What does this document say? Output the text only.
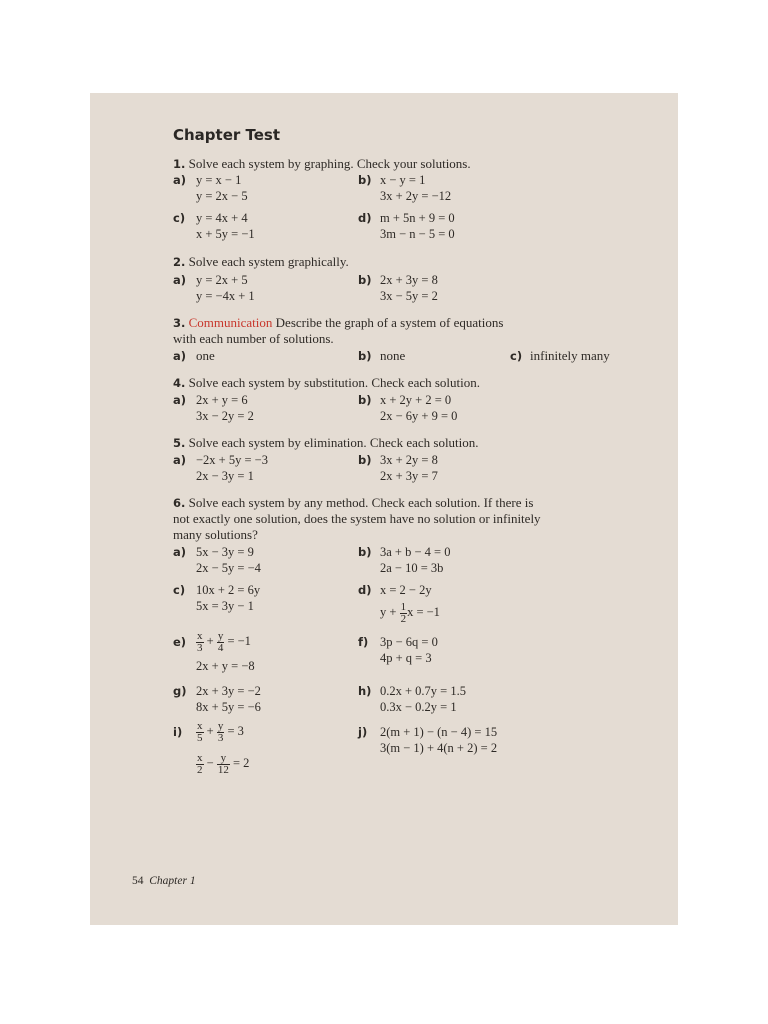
Chapter Test
1. Solve each system by graphing. Check your solutions.
a) y = x − 1
y = 2x − 5
b) x − y = 1
3x + 2y = −12
c) y = 4x + 4
x + 5y = −1
d) m + 5n + 9 = 0
3m − n − 5 = 0
2. Solve each system graphically.
a) y = 2x + 5
y = −4x + 1
b) 2x + 3y = 8
3x − 5y = 2
3. Communication Describe the graph of a system of equations
with each number of solutions.
a) one	b) none	c) infinitely many
4. Solve each system by substitution. Check each solution.
a) 2x + y = 6
3x − 2y = 2
b) x + 2y + 2 = 0
2x − 6y + 9 = 0
5. Solve each system by elimination. Check each solution.
a) −2x + 5y = −3
2x − 3y = 1
b) 3x + 2y = 8
2x + 3y = 7
6. Solve each system by any method. Check each solution. If there is
not exactly one solution, does the system have no solution or infinitely
many solutions?
a) 5x − 3y = 9
2x − 5y = −4
b) 3a + b − 4 = 0
2a − 10 = 3b
c) 10x + 2 = 6y
5x = 3y − 1
d) x = 2 − 2y
$y + \frac{1}{2}$ x = −1
$e) \frac{x}{3} + \frac{y}{4} = -1$
2x + y = −8
f) 3p − 6q = 0
4p + q = 3
g) 2x + 3y = −2
8x + 5y = −6
h) 0.2x + 0.7y = 1.5
0.3x − 0.2y = 1
$i) \frac{x}{5} + \frac{y}{3} = 3$
$\frac{x}{2} - \frac{y}{12} = 2$
j) 2(m + 1) − (n − 4) = 15
3(m − 1) + 4(n + 2) = 2
54 Chapter 1
